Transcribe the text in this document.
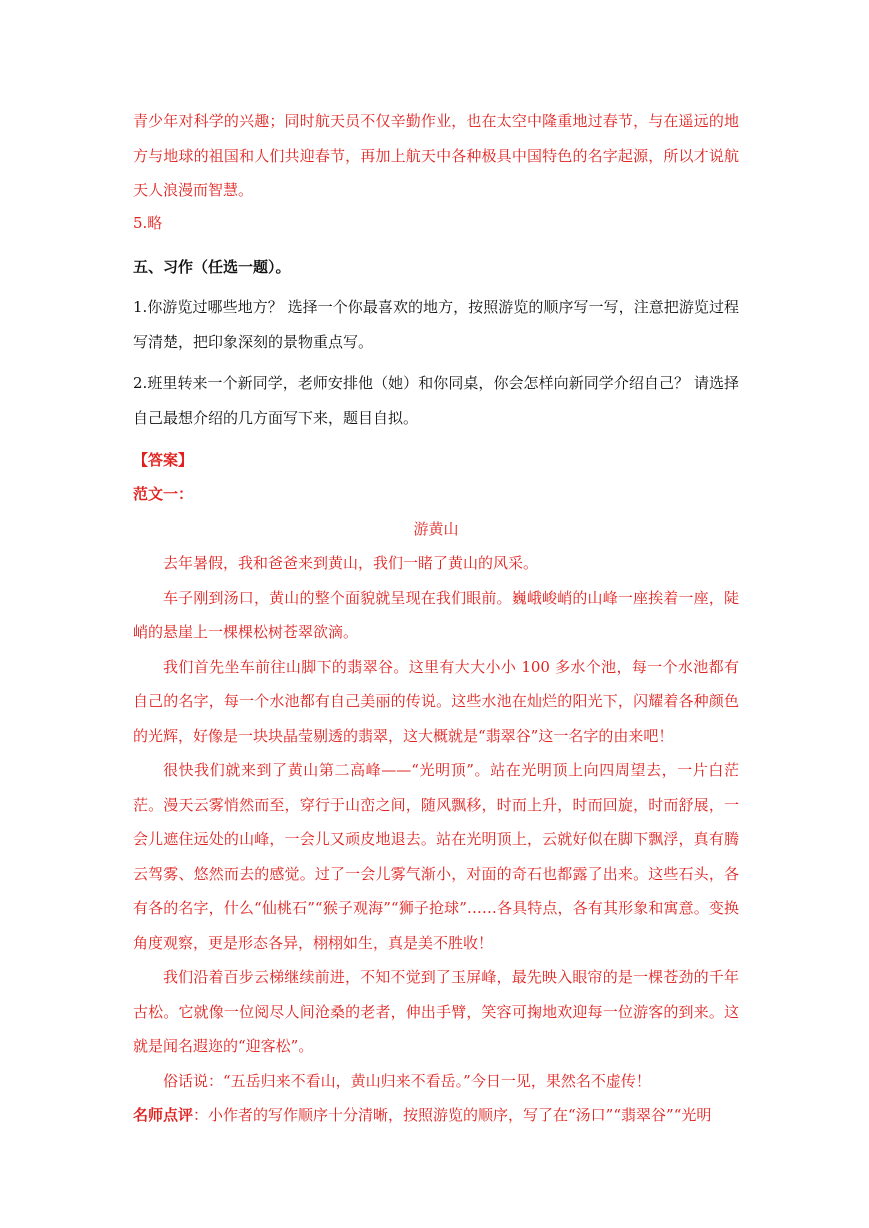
青少年对科学的兴趣；同时航天员不仅辛勤作业，也在太空中隆重地过春节，与在遥远的地方与地球的祖国和人们共迎春节，再加上航天中各种极具中国特色的名字起源，所以才说航天人浪漫而智慧。

5.略

五、习作（任选一题）。

1.你游览过哪些地方？ 选择一个你最喜欢的地方，按照游览的顺序写一写，注意把游览过程写清楚，把印象深刻的景物重点写。

2.班里转来一个新同学，老师安排他（她）和你同桌，你会怎样向新同学介绍自己？ 请选择自己最想介绍的几方面写下来，题目自拟。

【答案】

范文一：

游黄山

去年暑假，我和爸爸来到黄山，我们一睹了黄山的风采。

车子刚到汤口，黄山的整个面貌就呈现在我们眼前。巍峨峻峭的山峰一座挨着一座，陡峭的悬崖上一棵棵松树苍翠欲滴。

我们首先坐车前往山脚下的翡翠谷。这里有大大小小 100 多水个池，每一个水池都有自己的名字，每一个水池都有自己美丽的传说。这些水池在灿烂的阳光下，闪耀着各种颜色的光辉，好像是一块块晶莹剔透的翡翠，这大概就是“翡翠谷”这一名字的由来吧！

很快我们就来到了黄山第二高峰——“光明顶”。站在光明顶上向四周望去，一片白茫茫。漫天云雾悄然而至，穿行于山峦之间，随风飘移，时而上升，时而回旋，时而舒展，一会儿遮住远处的山峰，一会儿又顽皮地退去。站在光明顶上，云就好似在脚下飘浮，真有腾云驾雾、悠然而去的感觉。过了一会儿雾气渐小，对面的奇石也都露了出来。这些石头，各有各的名字，什么“仙桃石”“猴子观海”“狮子抢球”……各具特点，各有其形象和寓意。变换角度观察，更是形态各异，栩栩如生，真是美不胜收！

我们沿着百步云梯继续前进，不知不觉到了玉屏峰，最先映入眼帘的是一棵苍劲的千年古松。它就像一位阅尽人间沧桑的老者，伸出手臂，笑容可掬地欢迎每一位游客的到来。这就是闻名遐迩的“迎客松”。

俗话说：“五岳归来不看山，黄山归来不看岳。”今日一见，果然名不虚传！

名师点评：小作者的写作顺序十分清晰，按照游览的顺序，写了在“汤口”“翡翠谷”“光明
